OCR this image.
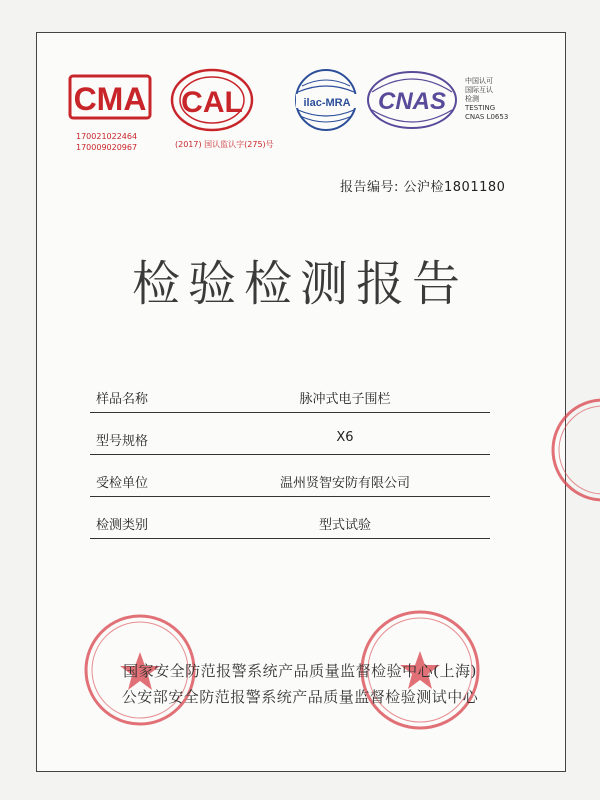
CMA CAL	ilac-MRA CNAS
170021022464
170009020967	(2017) 国认监认字(275)号
中国认可
国际互认
检测
TESTING
CNAS L0653
报告编号: 公沪检1801180
检验检测报告
样品名称	脉冲式电子围栏
型号规格	X6
受检单位	温州贤智安防有限公司
检测类别	型式试验
国家安全防范报警系统产品质量监督检验中心(上海)
公安部安全防范报警系统产品质量监督检验测试中心
